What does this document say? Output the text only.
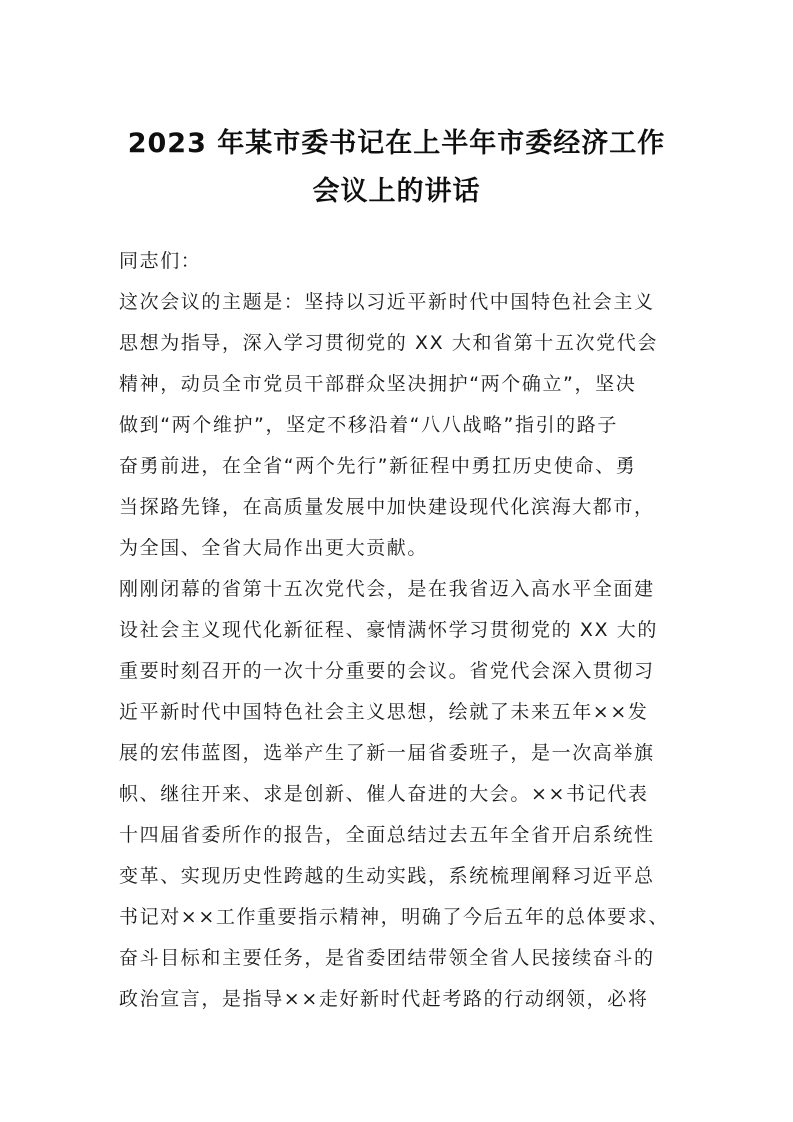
2023 年某市委书记在上半年市委经济工作
会议上的讲话
同志们：
这次会议的主题是：坚持以习近平新时代中国特色社会主义
思想为指导，深入学习贯彻党的 XX 大和省第十五次党代会
精神，动员全市党员干部群众坚决拥护“两个确立”，坚决
做到“两个维护”，坚定不移沿着“八八战略”指引的路子
奋勇前进，在全省“两个先行”新征程中勇扛历史使命、勇
当探路先锋，在高质量发展中加快建设现代化滨海大都市，
为全国、全省大局作出更大贡献。
刚刚闭幕的省第十五次党代会，是在我省迈入高水平全面建
设社会主义现代化新征程、豪情满怀学习贯彻党的 XX 大的
重要时刻召开的一次十分重要的会议。省党代会深入贯彻习
近平新时代中国特色社会主义思想，绘就了未来五年××发
展的宏伟蓝图，选举产生了新一届省委班子，是一次高举旗
帜、继往开来、求是创新、催人奋进的大会。××书记代表
十四届省委所作的报告，全面总结过去五年全省开启系统性
变革、实现历史性跨越的生动实践，系统梳理阐释习近平总
书记对××工作重要指示精神，明确了今后五年的总体要求、
奋斗目标和主要任务，是省委团结带领全省人民接续奋斗的
政治宣言，是指导××走好新时代赶考路的行动纲领，必将
